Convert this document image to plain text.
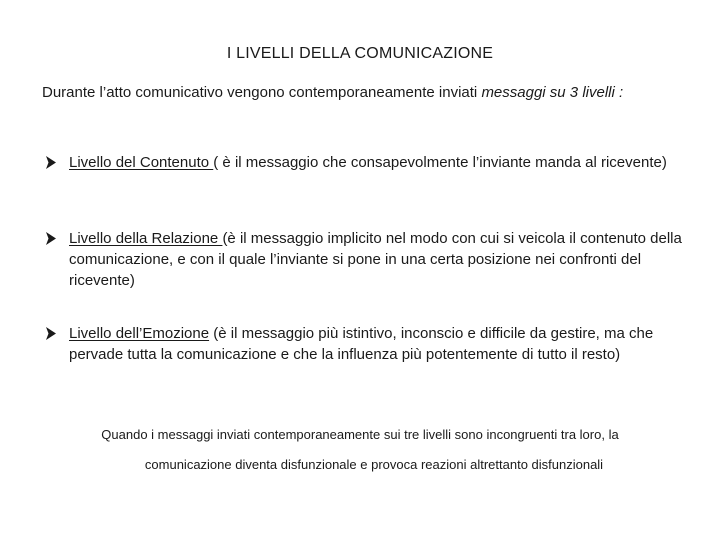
I LIVELLI DELLA COMUNICAZIONE
Durante l’atto comunicativo vengono contemporaneamente inviati messaggi su 3 livelli :
Livello del Contenuto ( è il messaggio che consapevolmente l’inviante manda al ricevente)
Livello della Relazione (è il messaggio implicito nel modo con cui si veicola il contenuto della comunicazione, e con il quale l’inviante si pone in una certa posizione nei confronti del ricevente)
Livello dell’Emozione (è il messaggio più istintivo, inconscio e difficile da gestire, ma che pervade tutta la comunicazione e che la influenza più potentemente di tutto il resto)
Quando i messaggi inviati contemporaneamente sui tre livelli sono incongruenti tra loro, la
comunicazione diventa disfunzionale e provoca reazioni altrettanto disfunzionali
